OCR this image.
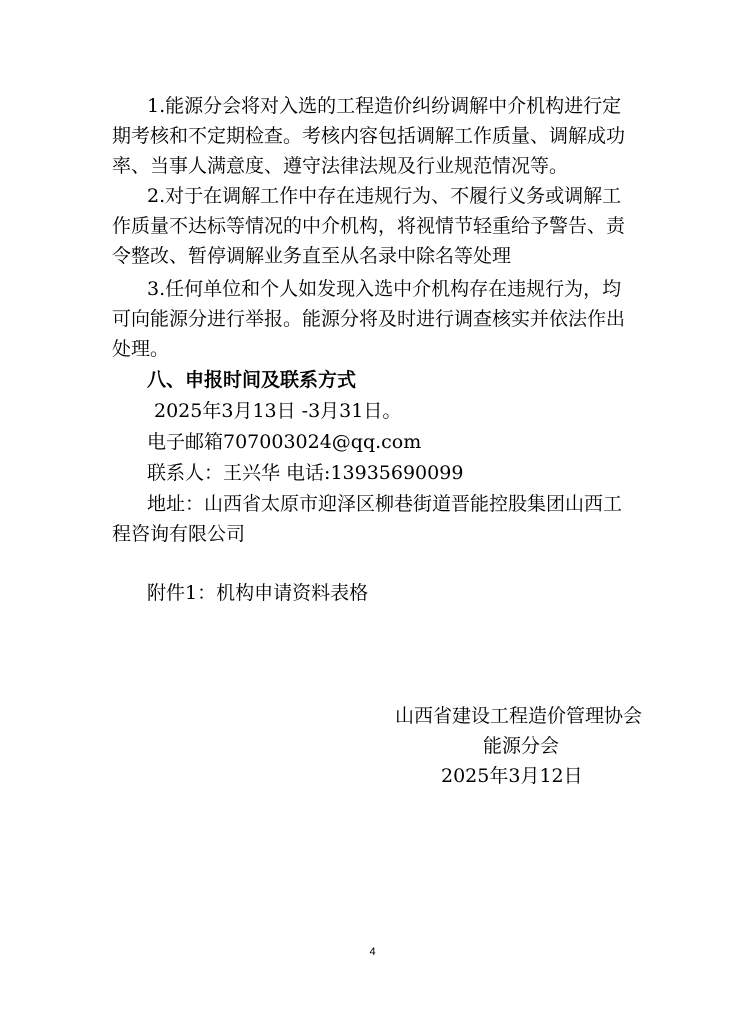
1.能源分会将对入选的工程造价纠纷调解中介机构进行定
期考核和不定期检查。考核内容包括调解工作质量、调解成功
率、当事人满意度、遵守法律法规及行业规范情况等。
2.对于在调解工作中存在违规行为、不履行义务或调解工
作质量不达标等情况的中介机构，将视情节轻重给予警告、责
令整改、暂停调解业务直至从名录中除名等处理
3.任何单位和个人如发现入选中介机构存在违规行为，均
可向能源分进行举报。能源分将及时进行调查核实并依法作出
处理。
八、申报时间及联系方式
2025年3月13日 -3月31日。
电子邮箱707003024@qq.com
联系人：王兴华 电话:13935690099
地址：山西省太原市迎泽区柳巷街道晋能控股集团山西工
程咨询有限公司
附件1：机构申请资料表格
山西省建设工程造价管理协会
能源分会
2025年3月12日
4
